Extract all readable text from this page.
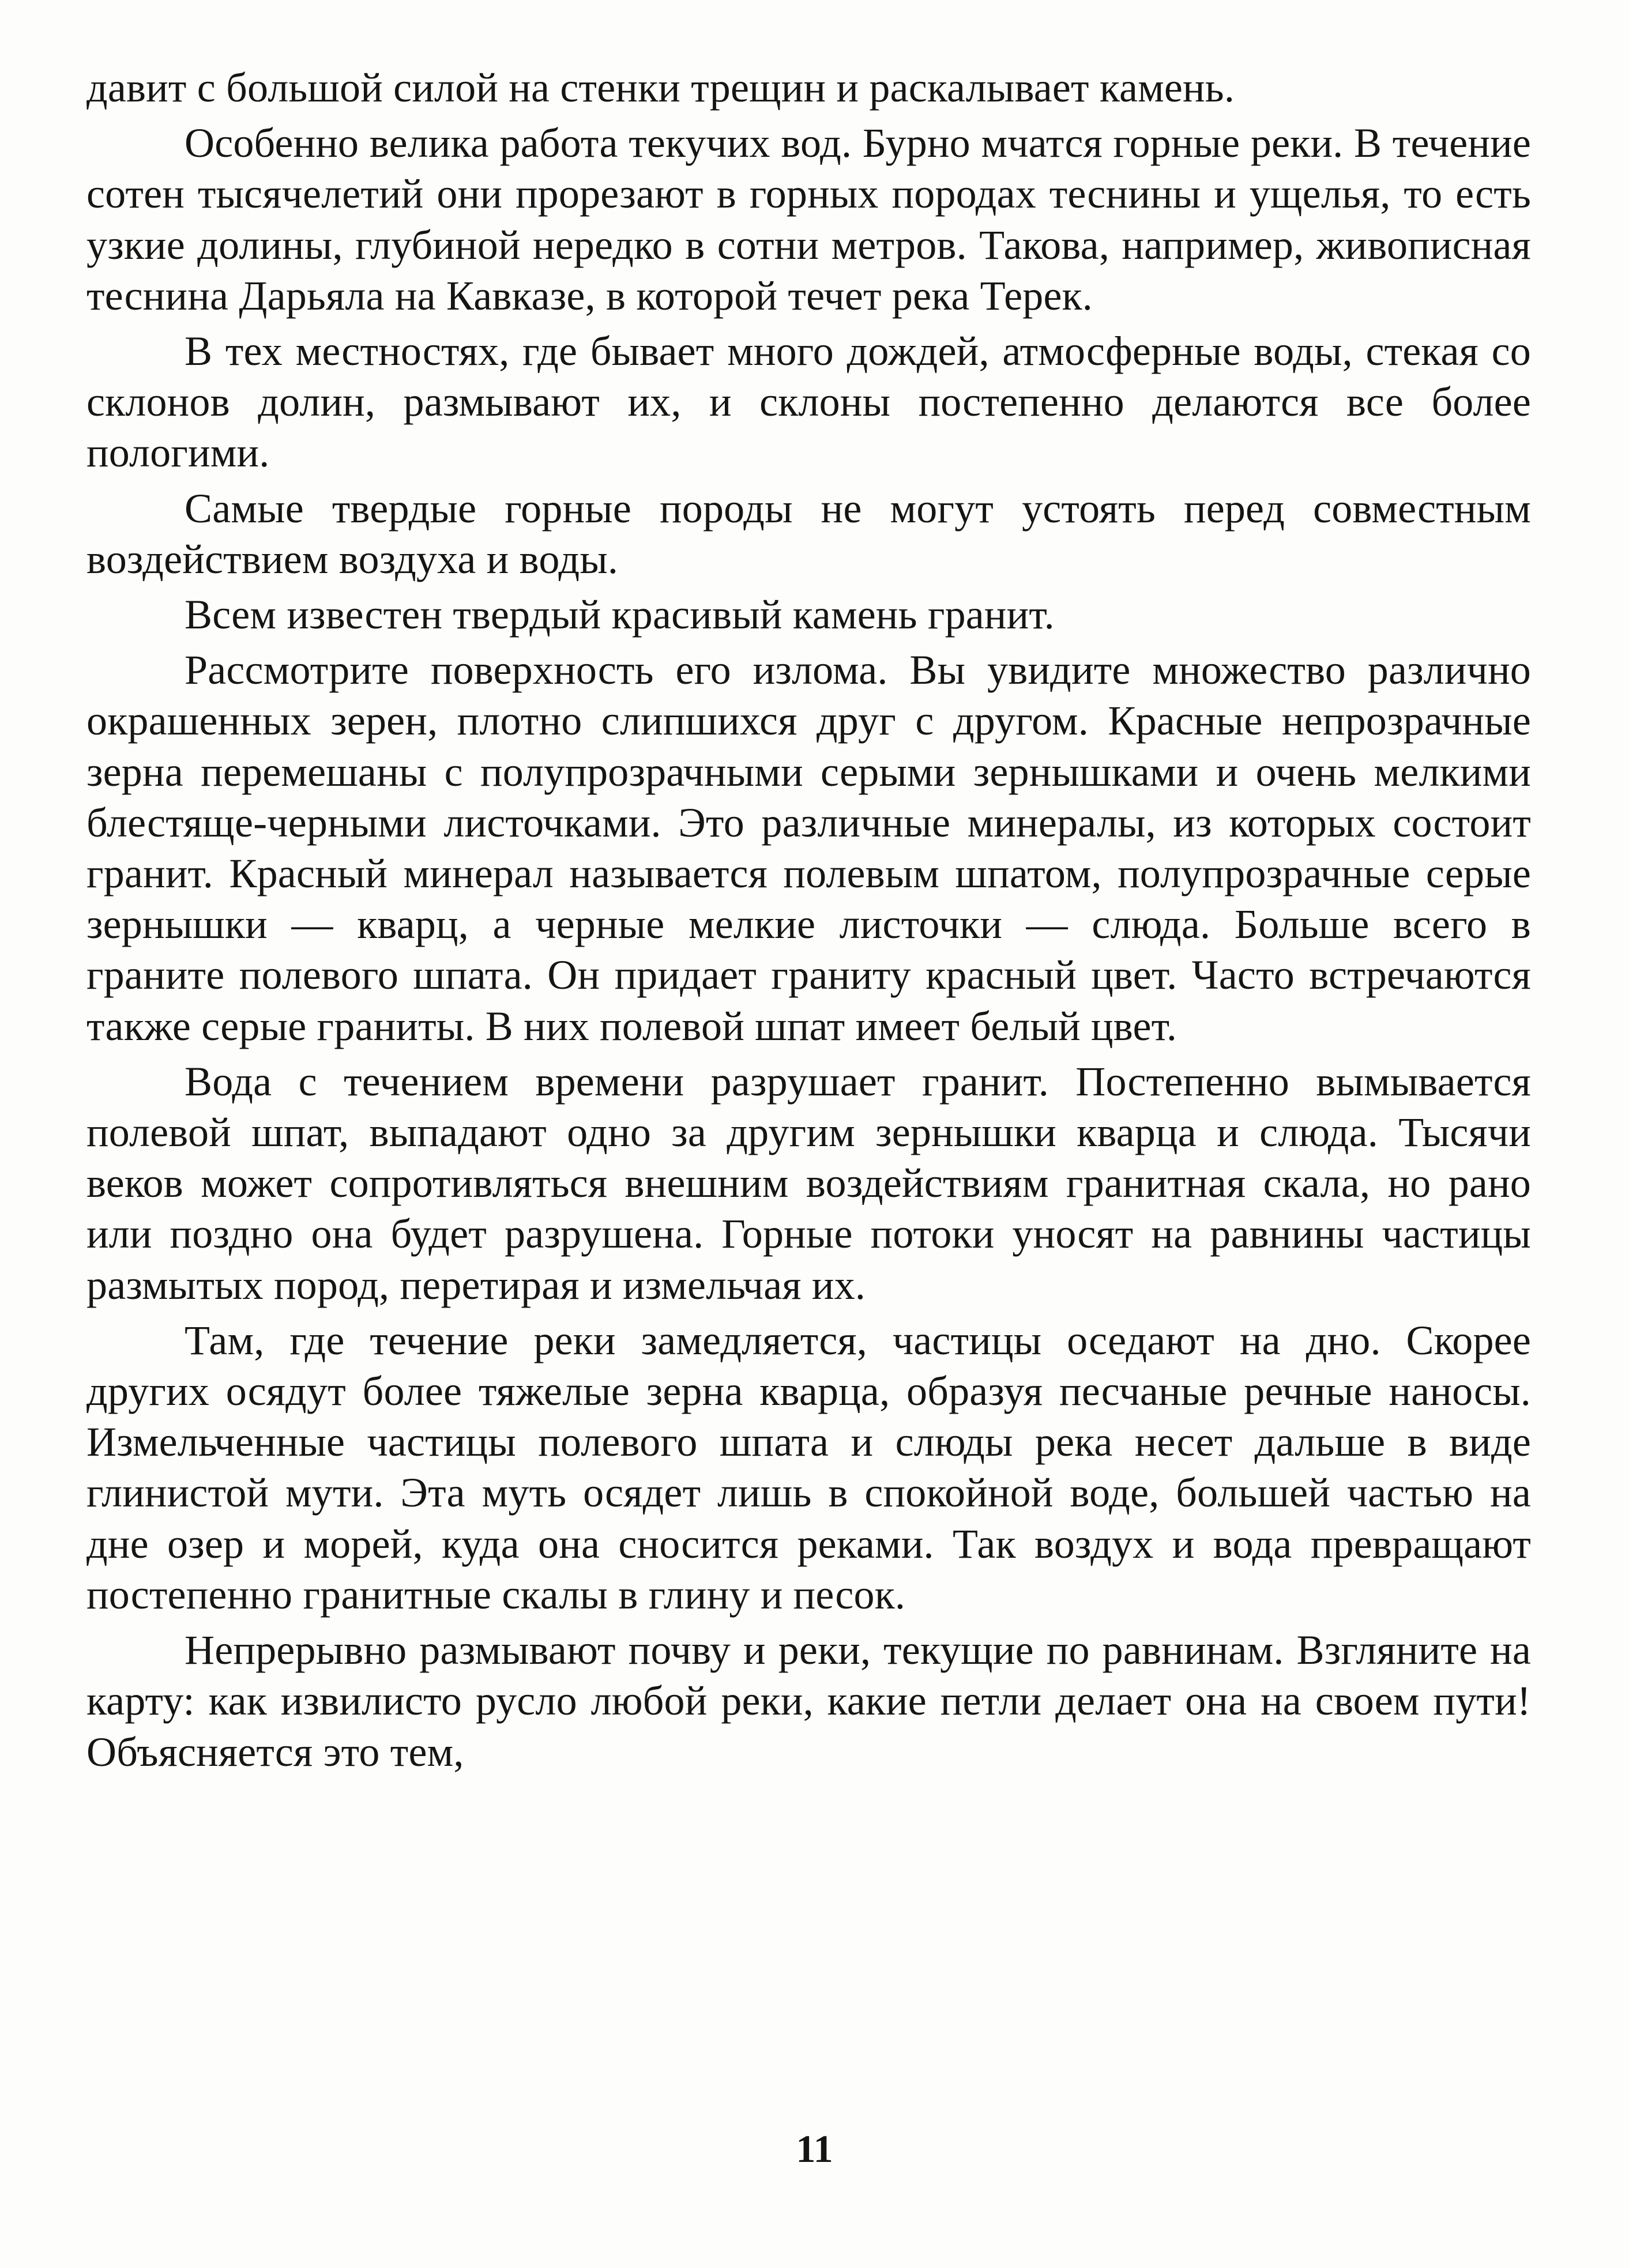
давит с большой силой на стенки трещин и раскалывает камень.

Особенно велика работа текучих вод. Бурно мчатся горные реки. В течение сотен тысячелетий они прорезают в горных породах теснины и ущелья, то есть узкие долины, глубиной нередко в сотни метров. Такова, например, живописная теснина Дарьяла на Кавказе, в которой течет река Терек.

В тех местностях, где бывает много дождей, атмосферные воды, стекая со склонов долин, размывают их, и склоны постепенно делаются все более пологими.

Самые твердые горные породы не могут устоять перед совместным воздействием воздуха и воды.

Всем известен твердый красивый камень гранит.

Рассмотрите поверхность его излома. Вы увидите множество различно окрашенных зерен, плотно слипшихся друг с другом. Красные непрозрачные зерна перемешаны с полупрозрачными серыми зернышками и очень мелкими блестяще-черными листочками. Это различные минералы, из которых состоит гранит. Красный минерал называется полевым шпатом, полупрозрачные серые зернышки — кварц, а черные мелкие листочки — слюда. Больше всего в граните полевого шпата. Он придает граниту красный цвет. Часто встречаются также серые граниты. В них полевой шпат имеет белый цвет.

Вода с течением времени разрушает гранит. Постепенно вымывается полевой шпат, выпадают одно за другим зернышки кварца и слюда. Тысячи веков может сопротивляться внешним воздействиям гранитная скала, но рано или поздно она будет разрушена. Горные потоки уносят на равнины частицы размытых пород, перетирая и измельчая их.

Там, где течение реки замедляется, частицы оседают на дно. Скорее других осядут более тяжелые зерна кварца, образуя песчаные речные наносы. Измельченные частицы полевого шпата и слюды река несет дальше в виде глинистой мути. Эта муть осядет лишь в спокойной воде, большей частью на дне озер и морей, куда она сносится реками. Так воздух и вода превращают постепенно гранитные скалы в глину и песок.

Непрерывно размывают почву и реки, текущие по равнинам. Взгляните на карту: как извилисто русло любой реки, какие петли делает она на своем пути! Объясняется это тем,

11
